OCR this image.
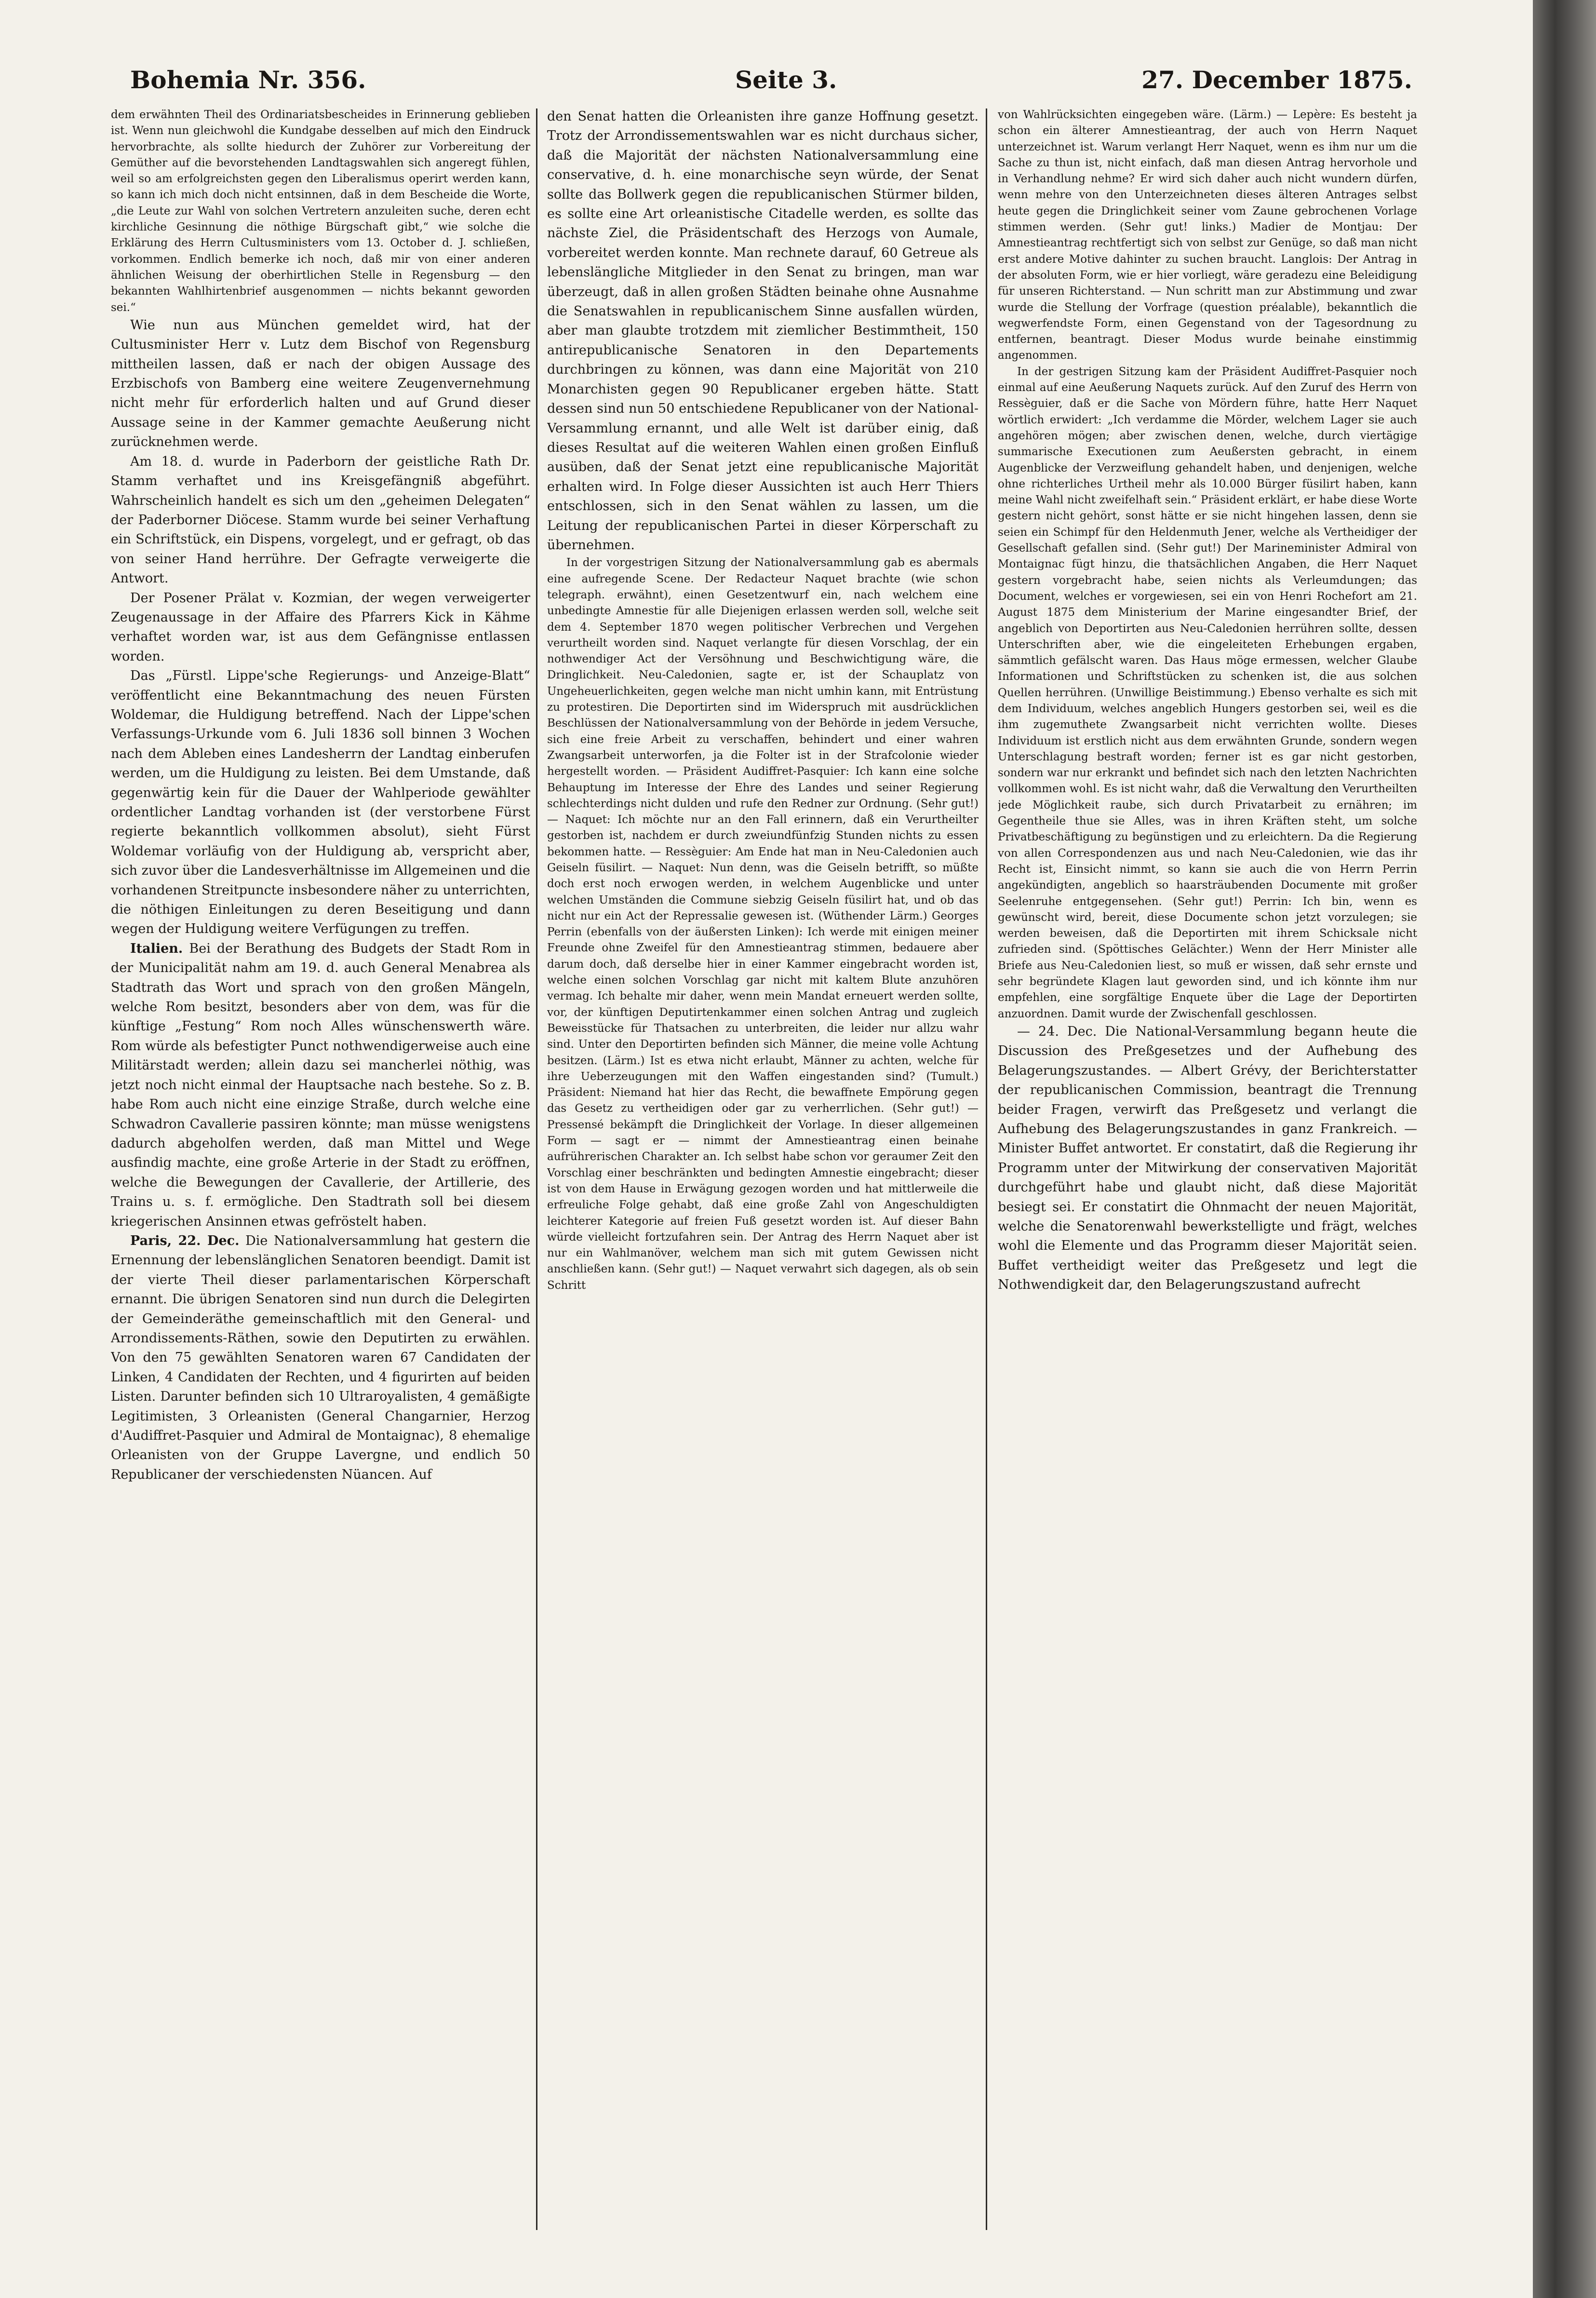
Bohemia Nr. 356.	Seite 3.	27. December 1875.

dem erwähnten Theil des Ordinariatsbescheides in Erinnerung geblieben ist. Wenn nun gleichwohl die Kundgabe desselben auf mich den Eindruck hervorbrachte, als sollte hiedurch der Zuhörer zur Vorbereitung der Gemüther auf die bevorstehenden Landtagswahlen sich angeregt fühlen, weil so am erfolgreichsten gegen den Liberalismus operirt werden kann, so kann ich mich doch nicht entsinnen, daß in dem Bescheide die Worte, „die Leute zur Wahl von solchen Vertretern anzuleiten suche, deren echt kirchliche Gesinnung die nöthige Bürgschaft gibt,“ wie solche die Erklärung des Herrn Cultusministers vom 13. October d. J. schließen, vorkommen. Endlich bemerke ich noch, daß mir von einer anderen ähnlichen Weisung der oberhirtlichen Stelle in Regensburg — den bekannten Wahlhirtenbrief ausgenommen — nichts bekannt geworden sei.“

Wie nun aus München gemeldet wird, hat der Cultusminister Herr v. Lutz dem Bischof von Regensburg mittheilen lassen, daß er nach der obigen Aussage des Erzbischofs von Bamberg eine weitere Zeugenvernehmung nicht mehr für erforderlich halten und auf Grund dieser Aussage seine in der Kammer gemachte Aeußerung nicht zurücknehmen werde.

Am 18. d. wurde in Paderborn der geistliche Rath Dr. Stamm verhaftet und ins Kreisgefängniß abgeführt. Wahrscheinlich handelt es sich um den „geheimen Delegaten“ der Paderborner Diöcese. Stamm wurde bei seiner Verhaftung ein Schriftstück, ein Dispens, vorgelegt, und er gefragt, ob das von seiner Hand herrühre. Der Gefragte verweigerte die Antwort.

Der Posener Prälat v. Kozmian, der wegen verweigerter Zeugenaussage in der Affaire des Pfarrers Kick in Kähme verhaftet worden war, ist aus dem Gefängnisse entlassen worden.

Das „Fürstl. Lippe'sche Regierungs- und Anzeige-Blatt“ veröffentlicht eine Bekanntmachung des neuen Fürsten Woldemar, die Huldigung betreffend. Nach der Lippe'schen Verfassungs-Urkunde vom 6. Juli 1836 soll binnen 3 Wochen nach dem Ableben eines Landesherrn der Landtag einberufen werden, um die Huldigung zu leisten. Bei dem Umstande, daß gegenwärtig kein für die Dauer der Wahlperiode gewählter ordentlicher Landtag vorhanden ist (der verstorbene Fürst regierte bekanntlich vollkommen absolut), sieht Fürst Woldemar vorläufig von der Huldigung ab, verspricht aber, sich zuvor über die Landesverhältnisse im Allgemeinen und die vorhandenen Streitpuncte insbesondere näher zu unterrichten, die nöthigen Einleitungen zu deren Beseitigung und dann wegen der Huldigung weitere Verfügungen zu treffen.

Italien. Bei der Berathung des Budgets der Stadt Rom in der Municipalität nahm am 19. d. auch General Menabrea als Stadtrath das Wort und sprach von den großen Mängeln, welche Rom besitzt, besonders aber von dem, was für die künftige „Festung“ Rom noch Alles wünschenswerth wäre. Rom würde als befestigter Punct nothwendigerweise auch eine Militärstadt werden; allein dazu sei mancherlei nöthig, was jetzt noch nicht einmal der Hauptsache nach bestehe. So z. B. habe Rom auch nicht eine einzige Straße, durch welche eine Schwadron Cavallerie passiren könnte; man müsse wenigstens dadurch abgeholfen werden, daß man Mittel und Wege ausfindig machte, eine große Arterie in der Stadt zu eröffnen, welche die Bewegungen der Cavallerie, der Artillerie, des Trains u. s. f. ermögliche. Den Stadtrath soll bei diesem kriegerischen Ansinnen etwas gefröstelt haben.

Paris, 22. Dec. Die Nationalversammlung hat gestern die Ernennung der lebenslänglichen Senatoren beendigt. Damit ist der vierte Theil dieser parlamentarischen Körperschaft ernannt. Die übrigen Senatoren sind nun durch die Delegirten der Gemeinderäthe gemeinschaftlich mit den General- und Arrondissements-Räthen, sowie den Deputirten zu erwählen. Von den 75 gewählten Senatoren waren 67 Candidaten der Linken, 4 Candidaten der Rechten, und 4 figurirten auf beiden Listen. Darunter befinden sich 10 Ultraroyalisten, 4 gemäßigte Legitimisten, 3 Orleanisten (General Changarnier, Herzog d'Audiffret-Pasquier und Admiral de Montaignac), 8 ehemalige Orleanisten von der Gruppe Lavergne, und endlich 50 Republicaner der verschiedensten Nüancen. Auf

den Senat hatten die Orleanisten ihre ganze Hoffnung gesetzt. Trotz der Arrondissementswahlen war es nicht durchaus sicher, daß die Majorität der nächsten Nationalversammlung eine conservative, d. h. eine monarchische seyn würde, der Senat sollte das Bollwerk gegen die republicanischen Stürmer bilden, es sollte eine Art orleanistische Citadelle werden, es sollte das nächste Ziel, die Präsidentschaft des Herzogs von Aumale, vorbereitet werden konnte. Man rechnete darauf, 60 Getreue als lebenslängliche Mitglieder in den Senat zu bringen, man war überzeugt, daß in allen großen Städten beinahe ohne Ausnahme die Senatswahlen in republicanischem Sinne ausfallen würden, aber man glaubte trotzdem mit ziemlicher Bestimmtheit, 150 antirepublicanische Senatoren in den Departements durchbringen zu können, was dann eine Majorität von 210 Monarchisten gegen 90 Republicaner ergeben hätte. Statt dessen sind nun 50 entschiedene Republicaner von der National-Versammlung ernannt, und alle Welt ist darüber einig, daß dieses Resultat auf die weiteren Wahlen einen großen Einfluß ausüben, daß der Senat jetzt eine republicanische Majorität erhalten wird. In Folge dieser Aussichten ist auch Herr Thiers entschlossen, sich in den Senat wählen zu lassen, um die Leitung der republicanischen Partei in dieser Körperschaft zu übernehmen.

In der vorgestrigen Sitzung der Nationalversammlung gab es abermals eine aufregende Scene. Der Redacteur Naquet brachte (wie schon telegraph. erwähnt), einen Gesetzentwurf ein, nach welchem eine unbedingte Amnestie für alle Diejenigen erlassen werden soll, welche seit dem 4. September 1870 wegen politischer Verbrechen und Vergehen verurtheilt worden sind. Naquet verlangte für diesen Vorschlag, der ein nothwendiger Act der Versöhnung und Beschwichtigung wäre, die Dringlichkeit. Neu-Caledonien, sagte er, ist der Schauplatz von Ungeheuerlichkeiten, gegen welche man nicht umhin kann, mit Entrüstung zu protestiren. Die Deportirten sind im Widerspruch mit ausdrücklichen Beschlüssen der Nationalversammlung von der Behörde in jedem Versuche, sich eine freie Arbeit zu verschaffen, behindert und einer wahren Zwangsarbeit unterworfen, ja die Folter ist in der Strafcolonie wieder hergestellt worden. — Präsident Audiffret-Pasquier: Ich kann eine solche Behauptung im Interesse der Ehre des Landes und seiner Regierung schlechterdings nicht dulden und rufe den Redner zur Ordnung. (Sehr gut!) — Naquet: Ich möchte nur an den Fall erinnern, daß ein Verurtheilter gestorben ist, nachdem er durch zweiundfünfzig Stunden nichts zu essen bekommen hatte. — Ressèguier: Am Ende hat man in Neu-Caledonien auch Geiseln füsilirt. — Naquet: Nun denn, was die Geiseln betrifft, so müßte doch erst noch erwogen werden, in welchem Augenblicke und unter welchen Umständen die Commune siebzig Geiseln füsilirt hat, und ob das nicht nur ein Act der Repressalie gewesen ist. (Wüthender Lärm.) Georges Perrin (ebenfalls von der äußersten Linken): Ich werde mit einigen meiner Freunde ohne Zweifel für den Amnestieantrag stimmen, bedauere aber darum doch, daß derselbe hier in einer Kammer eingebracht worden ist, welche einen solchen Vorschlag gar nicht mit kaltem Blute anzuhören vermag. Ich behalte mir daher, wenn mein Mandat erneuert werden sollte, vor, der künftigen Deputirtenkammer einen solchen Antrag und zugleich Beweisstücke für Thatsachen zu unterbreiten, die leider nur allzu wahr sind. Unter den Deportirten befinden sich Männer, die meine volle Achtung besitzen. (Lärm.) Ist es etwa nicht erlaubt, Männer zu achten, welche für ihre Ueberzeugungen mit den Waffen eingestanden sind? (Tumult.) Präsident: Niemand hat hier das Recht, die bewaffnete Empörung gegen das Gesetz zu vertheidigen oder gar zu verherrlichen. (Sehr gut!) — Pressensé bekämpft die Dringlichkeit der Vorlage. In dieser allgemeinen Form — sagt er — nimmt der Amnestieantrag einen beinahe aufrührerischen Charakter an. Ich selbst habe schon vor geraumer Zeit den Vorschlag einer beschränkten und bedingten Amnestie eingebracht; dieser ist von dem Hause in Erwägung gezogen worden und hat mittlerweile die erfreuliche Folge gehabt, daß eine große Zahl von Angeschuldigten leichterer Kategorie auf freien Fuß gesetzt worden ist. Auf dieser Bahn würde vielleicht fortzufahren sein. Der Antrag des Herrn Naquet aber ist nur ein Wahlmanöver, welchem man sich mit gutem Gewissen nicht anschließen kann. (Sehr gut!) — Naquet verwahrt sich dagegen, als ob sein Schritt

von Wahlrücksichten eingegeben wäre. (Lärm.) — Lepère: Es besteht ja schon ein älterer Amnestieantrag, der auch von Herrn Naquet unterzeichnet ist. Warum verlangt Herr Naquet, wenn es ihm nur um die Sache zu thun ist, nicht einfach, daß man diesen Antrag hervorhole und in Verhandlung nehme? Er wird sich daher auch nicht wundern dürfen, wenn mehre von den Unterzeichneten dieses älteren Antrages selbst heute gegen die Dringlichkeit seiner vom Zaune gebrochenen Vorlage stimmen werden. (Sehr gut! links.) Madier de Montjau: Der Amnestieantrag rechtfertigt sich von selbst zur Genüge, so daß man nicht erst andere Motive dahinter zu suchen braucht. Langlois: Der Antrag in der absoluten Form, wie er hier vorliegt, wäre geradezu eine Beleidigung für unseren Richterstand. — Nun schritt man zur Abstimmung und zwar wurde die Stellung der Vorfrage (question préalable), bekanntlich die wegwerfendste Form, einen Gegenstand von der Tagesordnung zu entfernen, beantragt. Dieser Modus wurde beinahe einstimmig angenommen.

In der gestrigen Sitzung kam der Präsident Audiffret-Pasquier noch einmal auf eine Aeußerung Naquets zurück. Auf den Zuruf des Herrn von Ressèguier, daß er die Sache von Mördern führe, hatte Herr Naquet wörtlich erwidert: „Ich verdamme die Mörder, welchem Lager sie auch angehören mögen; aber zwischen denen, welche, durch viertägige summarische Executionen zum Aeußersten gebracht, in einem Augenblicke der Verzweiflung gehandelt haben, und denjenigen, welche ohne richterliches Urtheil mehr als 10.000 Bürger füsilirt haben, kann meine Wahl nicht zweifelhaft sein.“ Präsident erklärt, er habe diese Worte gestern nicht gehört, sonst hätte er sie nicht hingehen lassen, denn sie seien ein Schimpf für den Heldenmuth Jener, welche als Vertheidiger der Gesellschaft gefallen sind. (Sehr gut!) Der Marineminister Admiral von Montaignac fügt hinzu, die thatsächlichen Angaben, die Herr Naquet gestern vorgebracht habe, seien nichts als Verleumdungen; das Document, welches er vorgewiesen, sei ein von Henri Rochefort am 21. August 1875 dem Ministerium der Marine eingesandter Brief, der angeblich von Deportirten aus Neu-Caledonien herrühren sollte, dessen Unterschriften aber, wie die eingeleiteten Erhebungen ergaben, sämmtlich gefälscht waren. Das Haus möge ermessen, welcher Glaube Informationen und Schriftstücken zu schenken ist, die aus solchen Quellen herrühren. (Unwillige Beistimmung.) Ebenso verhalte es sich mit dem Individuum, welches angeblich Hungers gestorben sei, weil es die ihm zugemuthete Zwangsarbeit nicht verrichten wollte. Dieses Individuum ist erstlich nicht aus dem erwähnten Grunde, sondern wegen Unterschlagung bestraft worden; ferner ist es gar nicht gestorben, sondern war nur erkrankt und befindet sich nach den letzten Nachrichten vollkommen wohl. Es ist nicht wahr, daß die Verwaltung den Verurtheilten jede Möglichkeit raube, sich durch Privatarbeit zu ernähren; im Gegentheile thue sie Alles, was in ihren Kräften steht, um solche Privatbeschäftigung zu begünstigen und zu erleichtern. Da die Regierung von allen Correspondenzen aus und nach Neu-Caledonien, wie das ihr Recht ist, Einsicht nimmt, so kann sie auch die von Herrn Perrin angekündigten, angeblich so haarsträubenden Documente mit großer Seelenruhe entgegensehen. (Sehr gut!) Perrin: Ich bin, wenn es gewünscht wird, bereit, diese Documente schon jetzt vorzulegen; sie werden beweisen, daß die Deportirten mit ihrem Schicksale nicht zufrieden sind. (Spöttisches Gelächter.) Wenn der Herr Minister alle Briefe aus Neu-Caledonien liest, so muß er wissen, daß sehr ernste und sehr begründete Klagen laut geworden sind, und ich könnte ihm nur empfehlen, eine sorgfältige Enquete über die Lage der Deportirten anzuordnen. Damit wurde der Zwischenfall geschlossen.

— 24. Dec. Die National-Versammlung begann heute die Discussion des Preßgesetzes und der Aufhebung des Belagerungszustandes. — Albert Grévy, der Berichterstatter der republicanischen Commission, beantragt die Trennung beider Fragen, verwirft das Preßgesetz und verlangt die Aufhebung des Belagerungszustandes in ganz Frankreich. — Minister Buffet antwortet. Er constatirt, daß die Regierung ihr Programm unter der Mitwirkung der conservativen Majorität durchgeführt habe und glaubt nicht, daß diese Majorität besiegt sei. Er constatirt die Ohnmacht der neuen Majorität, welche die Senatorenwahl bewerkstelligte und frägt, welches wohl die Elemente und das Programm dieser Majorität seien. Buffet vertheidigt weiter das Preßgesetz und legt die Nothwendigkeit dar, den Belagerungszustand aufrecht
